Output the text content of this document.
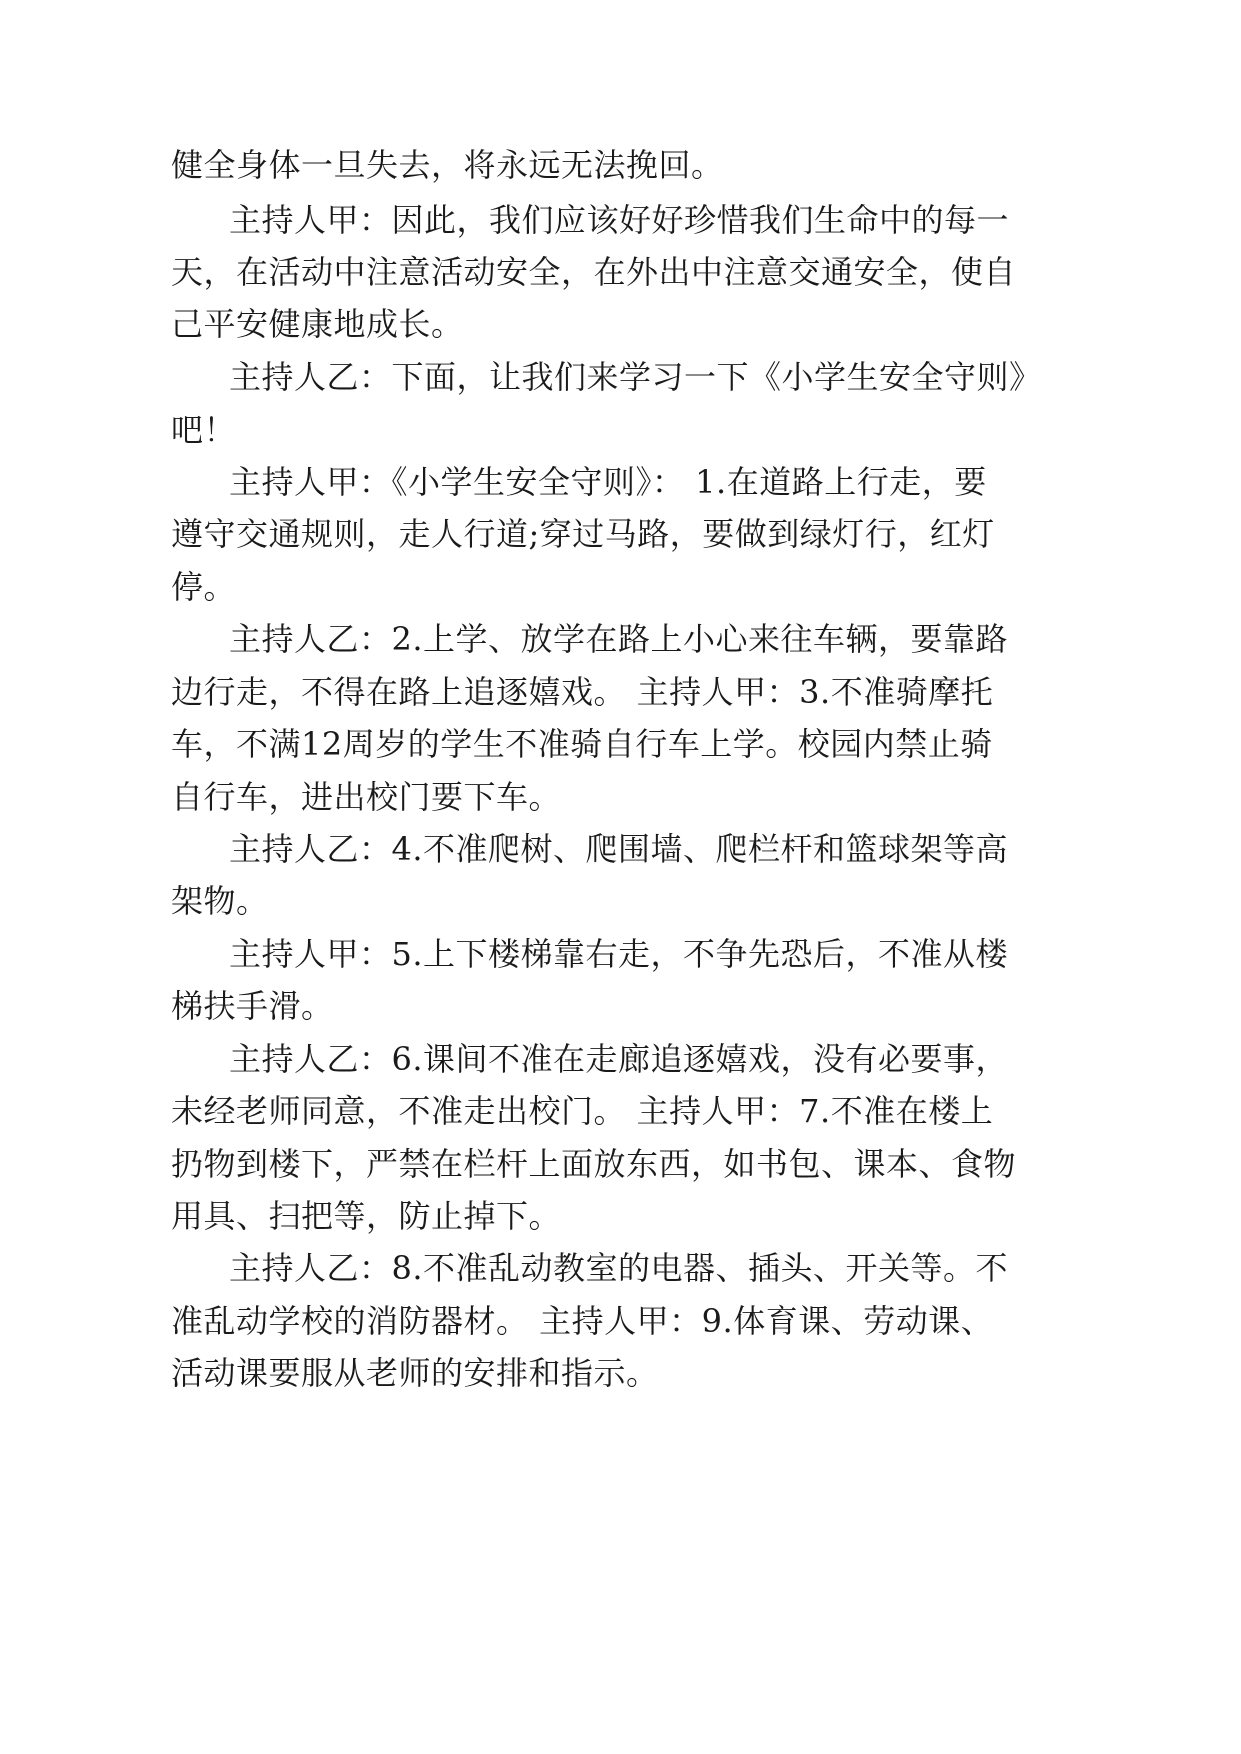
健全身体一旦失去，将永远无法挽回。

主持人甲：因此，我们应该好好珍惜我们生命中的每一

天，在活动中注意活动安全，在外出中注意交通安全，使自

己平安健康地成长。

主持人乙：下面，让我们来学习一下《小学生安全守则》

吧！

主持人甲：《小学生安全守则》： 1.在道路上行走，要

遵守交通规则，走人行道;穿过马路，要做到绿灯行，红灯

停。

主持人乙：2.上学、放学在路上小心来往车辆，要靠路

边行走，不得在路上追逐嬉戏。 主持人甲：3.不准骑摩托

车，不满12周岁的学生不准骑自行车上学。校园内禁止骑

自行车，进出校门要下车。

主持人乙：4.不准爬树、爬围墙、爬栏杆和篮球架等高

架物。

主持人甲：5.上下楼梯靠右走，不争先恐后，不准从楼

梯扶手滑。

主持人乙：6.课间不准在走廊追逐嬉戏，没有必要事，

未经老师同意，不准走出校门。 主持人甲：7.不准在楼上

扔物到楼下，严禁在栏杆上面放东西，如书包、课本、食物

用具、扫把等，防止掉下。

主持人乙：8.不准乱动教室的电器、插头、开关等。不

准乱动学校的消防器材。 主持人甲：9.体育课、劳动课、

活动课要服从老师的安排和指示。
